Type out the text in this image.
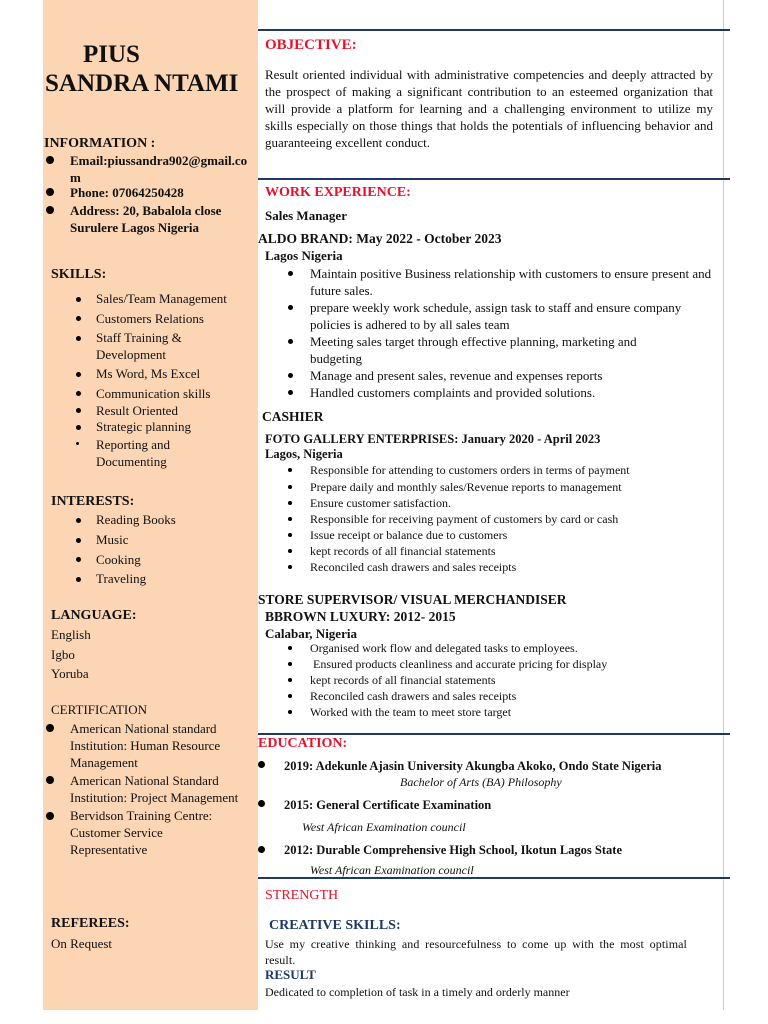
PIUS
SANDRA NTAMI
INFORMATION :
Email:piussandra902@gmail.com
Phone: 07064250428
Address: 20, Babalola close Surulere Lagos Nigeria
SKILLS:
Sales/Team Management
Customers Relations
Staff Training & Development
Ms Word, Ms Excel
Communication skills
Result Oriented
Strategic planning
Reporting and Documenting
INTERESTS:
Reading Books
Music
Cooking
Traveling
LANGUAGE:
English
Igbo
Yoruba
CERTIFICATION
American National standard Institution: Human Resource Management
American National Standard Institution: Project Management
Bervidson Training Centre: Customer Service Representative
REFEREES:
On Request
OBJECTIVE:
Result oriented individual with administrative competencies and deeply attracted by the prospect of making a significant contribution to an esteemed organization that will provide a platform for learning and a challenging environment to utilize my skills especially on those things that holds the potentials of influencing behavior and guaranteeing excellent conduct.
WORK EXPERIENCE:
Sales Manager
ALDO BRAND: May 2022 - October 2023
Lagos Nigeria
Maintain positive Business relationship with customers to ensure present and future sales.
prepare weekly work schedule, assign task to staff and ensure company policies is adhered to by all sales team
Meeting sales target through effective planning, marketing and budgeting
Manage and present sales, revenue and expenses reports
Handled customers complaints and provided solutions.
CASHIER
FOTO GALLERY ENTERPRISES: January 2020 - April 2023
Lagos, Nigeria
Responsible for attending to customers orders in terms of payment
Prepare daily and monthly sales/Revenue reports to management
Ensure customer satisfaction.
Responsible for receiving payment of customers by card or cash
Issue receipt or balance due to customers
kept records of all financial statements
Reconciled cash drawers and sales receipts
STORE SUPERVISOR/ VISUAL MERCHANDISER
BBROWN LUXURY: 2012- 2015
Calabar, Nigeria
Organised work flow and delegated tasks to employees.
Ensured products cleanliness and accurate pricing for display
kept records of all financial statements
Reconciled cash drawers and sales receipts
Worked with the team to meet store target
EDUCATION:
2019: Adekunle Ajasin University Akungba Akoko, Ondo State Nigeria
Bachelor of Arts (BA) Philosophy
2015: General Certificate Examination
West African Examination council
2012: Durable Comprehensive High School, Ikotun Lagos State
West African Examination council
STRENGTH
CREATIVE SKILLS:
Use my creative thinking and resourcefulness to come up with the most optimal result.
RESULT
Dedicated to completion of task in a timely and orderly manner
